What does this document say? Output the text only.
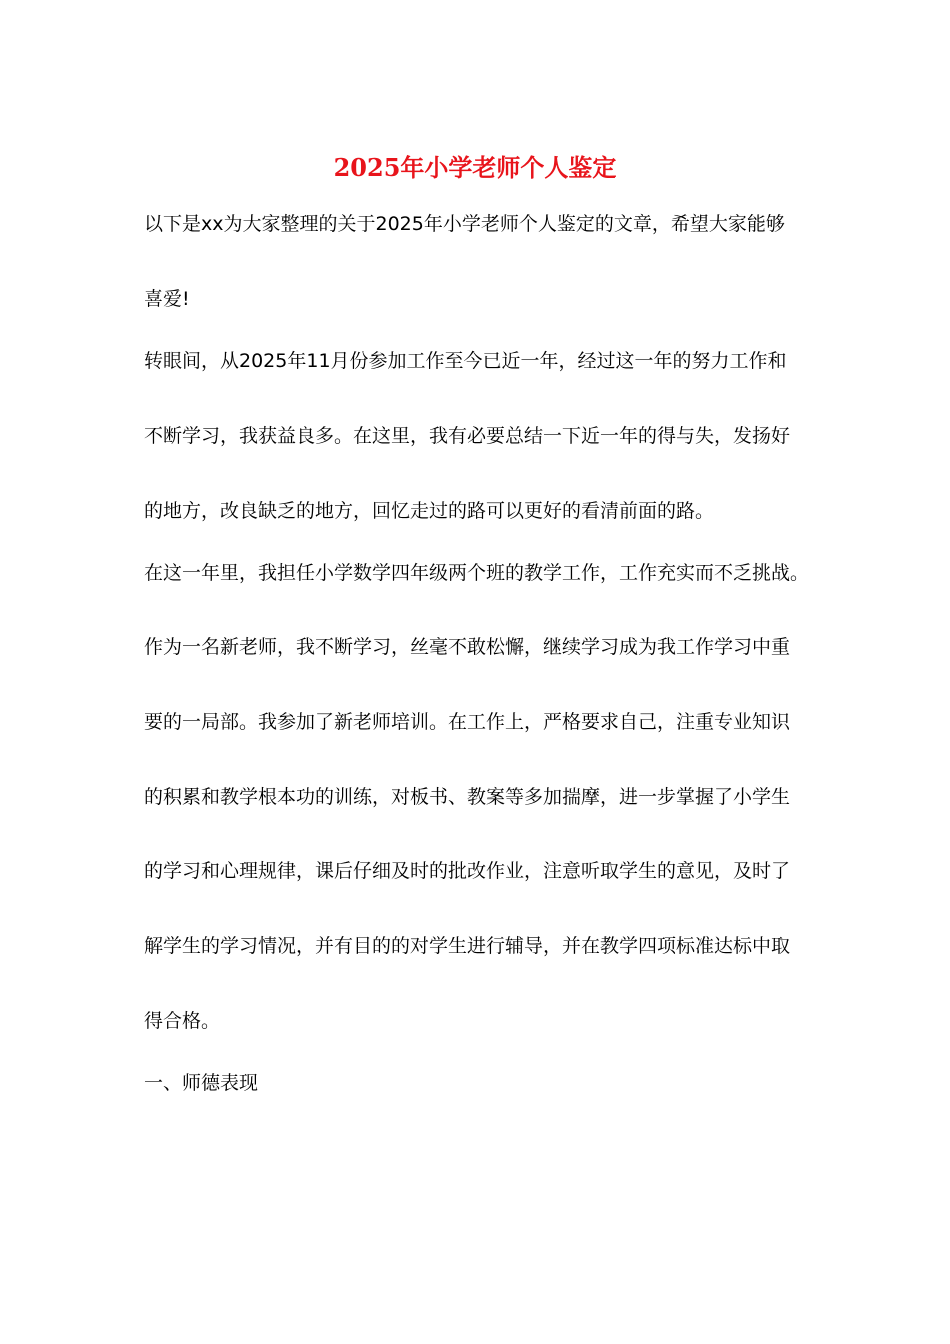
2025年小学老师个人鉴定

以下是xx为大家整理的关于2025年小学老师个人鉴定的文章，希望大家能够

喜爱!

转眼间，从2025年11月份参加工作至今已近一年，经过这一年的努力工作和

不断学习，我获益良多。在这里，我有必要总结一下近一年的得与失，发扬好

的地方，改良缺乏的地方，回忆走过的路可以更好的看清前面的路。

在这一年里，我担任小学数学四年级两个班的教学工作，工作充实而不乏挑战。

作为一名新老师，我不断学习，丝毫不敢松懈，继续学习成为我工作学习中重

要的一局部。我参加了新老师培训。在工作上，严格要求自己，注重专业知识

的积累和教学根本功的训练，对板书、教案等多加揣摩，进一步掌握了小学生

的学习和心理规律，课后仔细及时的批改作业，注意听取学生的意见，及时了

解学生的学习情况，并有目的的对学生进行辅导，并在教学四项标准达标中取

得合格。

一、师德表现
